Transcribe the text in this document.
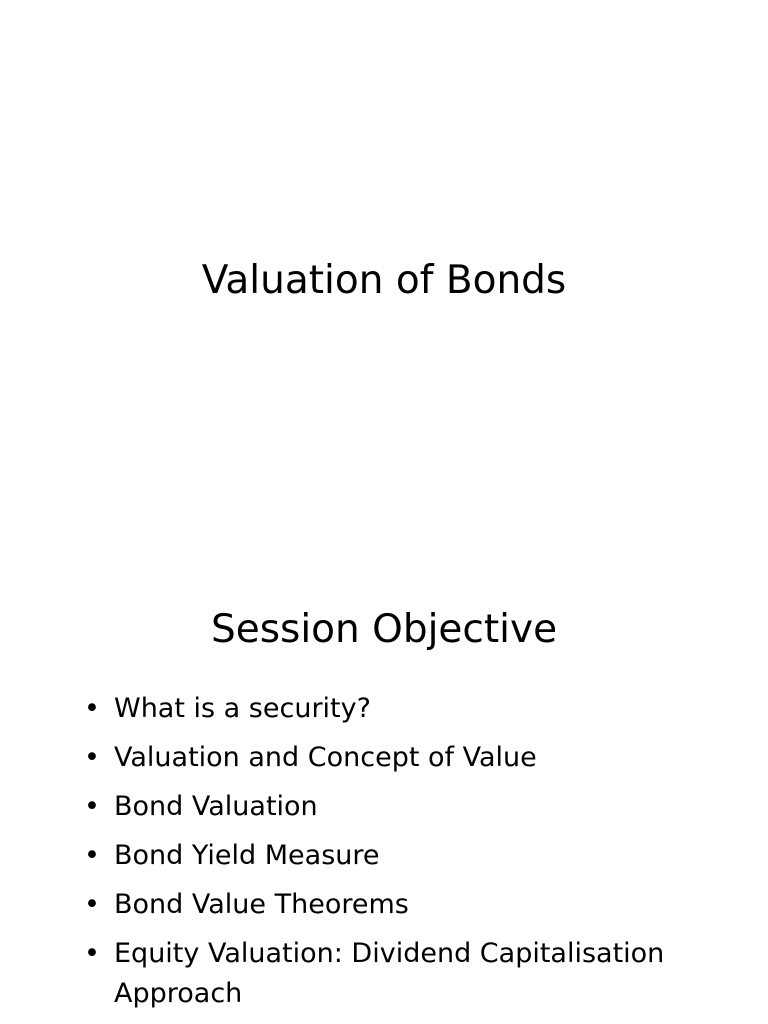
Valuation of Bonds
Session Objective
• What is a security?
• Valuation and Concept of Value
• Bond Valuation
• Bond Yield Measure
• Bond Value Theorems
• Equity Valuation: Dividend Capitalisation Approach
